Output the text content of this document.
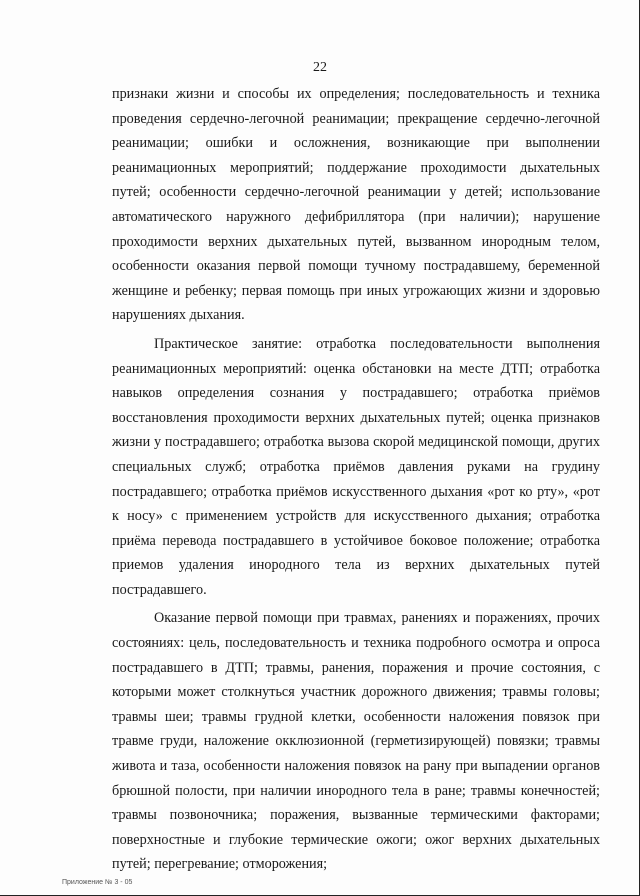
22

признаки жизни и способы их определения; последовательность и техника проведения сердечно-легочной реанимации; прекращение сердечно-легочной реанимации; ошибки и осложнения, возникающие при выполнении реанимационных мероприятий; поддержание проходимости дыхательных путей; особенности сердечно-легочной реанимации у детей; использование автоматического наружного дефибриллятора (при наличии); нарушение проходимости верхних дыхательных путей, вызванном инородным телом, особенности оказания первой помощи тучному пострадавшему, беременной женщине и ребенку; первая помощь при иных угрожающих жизни и здоровью нарушениях дыхания.

Практическое занятие: отработка последовательности выполнения реанимационных мероприятий: оценка обстановки на месте ДТП; отработка навыков определения сознания у пострадавшего; отработка приёмов восстановления проходимости верхних дыхательных путей; оценка признаков жизни у пострадавшего; отработка вызова скорой медицинской помощи, других специальных служб; отработка приёмов давления руками на грудину пострадавшего; отработка приёмов искусственного дыхания «рот ко рту», «рот к носу» с применением устройств для искусственного дыхания; отработка приёма перевода пострадавшего в устойчивое боковое положение; отработка приемов удаления инородного тела из верхних дыхательных путей пострадавшего.

Оказание первой помощи при травмах, ранениях и поражениях, прочих состояниях: цель, последовательность и техника подробного осмотра и опроса пострадавшего в ДТП; травмы, ранения, поражения и прочие состояния, с которыми может столкнуться участник дорожного движения; травмы головы; травмы шеи; травмы грудной клетки, особенности наложения повязок при травме груди, наложение окклюзионной (герметизирующей) повязки; травмы живота и таза, особенности наложения повязок на рану при выпадении органов брюшной полости, при наличии инородного тела в ране; травмы конечностей; травмы позвоночника; поражения, вызванные термическими факторами; поверхностные и глубокие термические ожоги; ожог верхних дыхательных путей; перегревание; отморожения;

Приложение № 3 - 05
